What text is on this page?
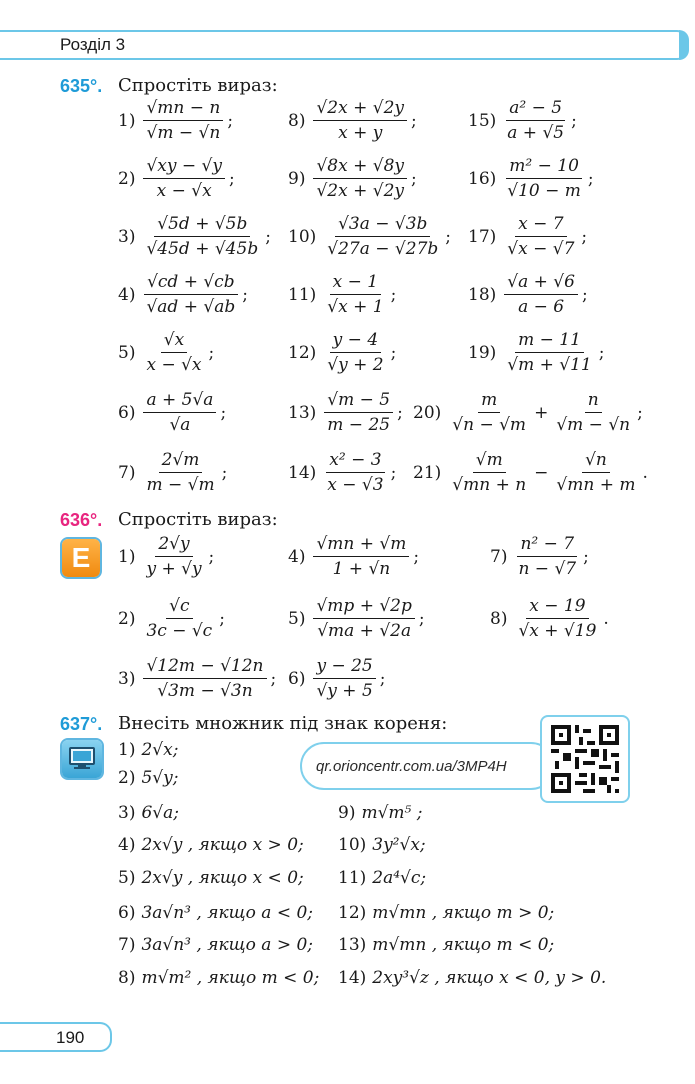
Розділ 3
635°. Спростіть вираз:
$1) \frac{√mn - n}{√m - √n}$ ;
$2) \frac{√xy - √y}{x - √x}$ ;
$3) \frac{√5d + √5b}{√45d + √45b}$ ;
$4) \frac{√cd + √cb}{√ad + √ab}$ ;
$5) \frac{√x}{x - √x}$ ;
$6) \frac{a + 5√a}{√a}$ ;
$7) \frac{2√m}{m - √m}$ ;
$8) \frac{√2x + √2y}{x + y}$ ;
$9) \frac{√8x + √8y}{√2x + √2y}$ ;
$10) \frac{√3a - √3b}{√27a - √27b}$ ;
$11) \frac{x - 1}{√x + 1}$ ;
$12) \frac{y - 4}{√y + 2}$ ;
$13) \frac{√m - 5}{m - 25}$ ;
$14) \frac{\text{x² − 3}}{x - √3}$ ;
$15) \frac{\text{a² − 5}}{a + √5}$ ;
$16) \frac{\text{m² − 10}}{√10 - m}$ ;
$17) \frac{x - 7}{√x - √7}$ ;
$18) \frac{√a + √6}{a - 6}$ ;
$19) \frac{m - 11}{√m + √11}$ ;
$20) \frac{m}{√n - √m} + \frac{n}{√m - √n}$ ;
$21) \frac{√m}{√mn + n} - \frac{√n}{√mn + m}$ .
636°. Спростіть вираз:
E	$1) \frac{2√y}{y + √y}$ ;
$2) \frac{√c}{3c - √c}$ ;
$3) \frac{√12m - √12n}{√3m - √3n}$ ;
$4) \frac{√mn + √m}{1 + √n}$ ;
$5) \frac{√mp + √2p}{√ma + √2a}$ ;
$6) \frac{y - 25}{√y + 5}$ ;
$7) \frac{\text{n² − 7}}{n - √7}$ ;
$8) \frac{x - 19}{√x + √19}$ .
637°. Внесіть множник під знак кореня:
qr.orioncentr.com.ua/3MP4H
1) 2√x;
2) 5√y;
3) 6√a;
4) 2x√y , якщо x > 0;
5) 2x√y , якщо x < 0;
6) 3a√n³ , якщо a < 0;
7) 3a√n³ , якщо a > 0;
8) m√m² , якщо m < 0;
9) m√m⁵ ;
10) 3y²√x;
11) 2a⁴√c;
12) m√mn , якщо m > 0;
13) m√mn , якщо m < 0;
14) 2xy³√z , якщо x < 0, y > 0.
190
